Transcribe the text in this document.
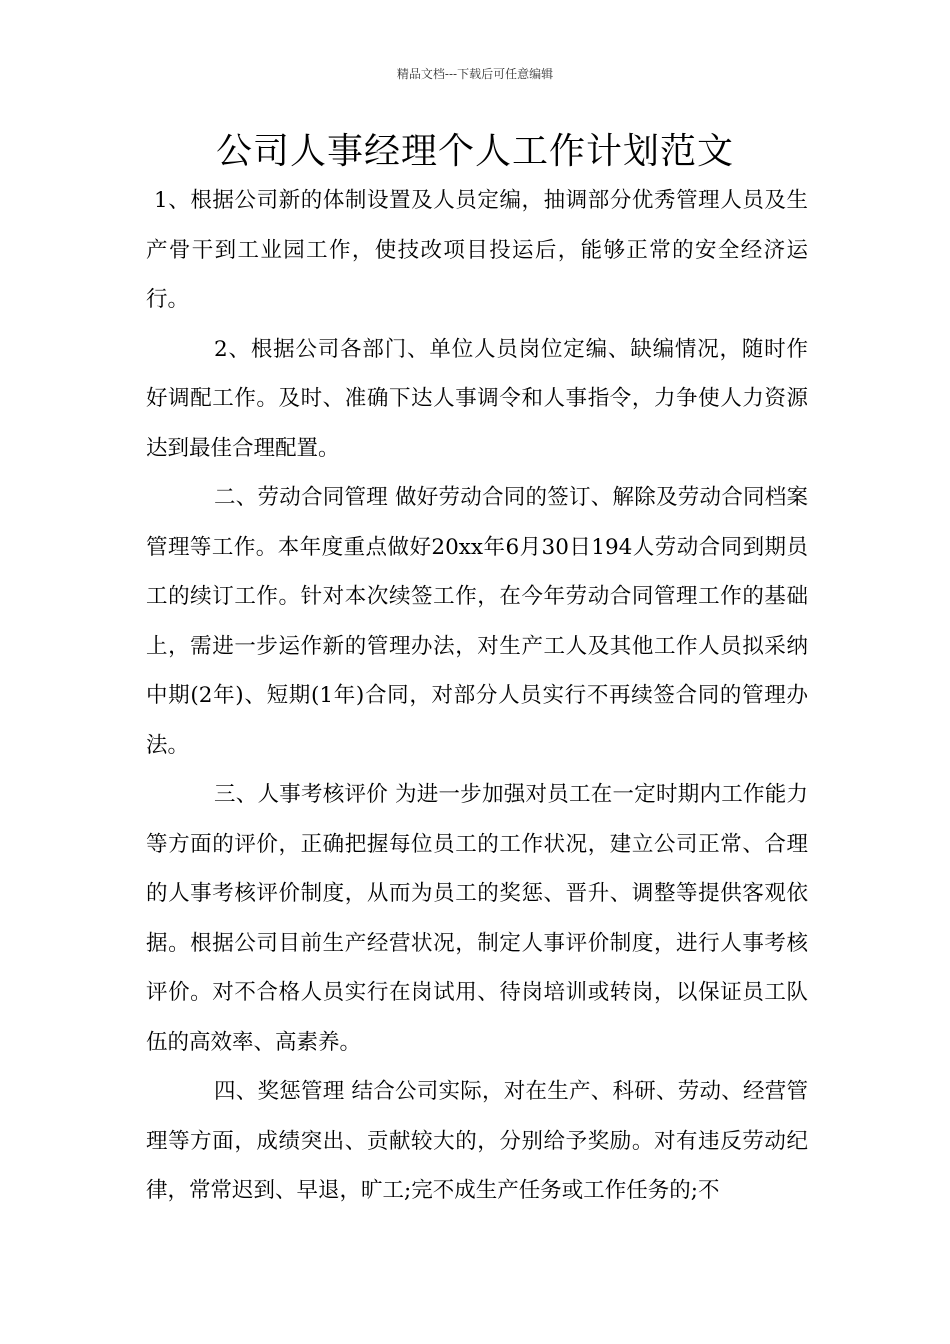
精品文档---下载后可任意编辑
公司人事经理个人工作计划范文

1、根据公司新的体制设置及人员定编，抽调部分优秀管理人员及生产骨干到工业园工作，使技改项目投运后，能够正常的安全经济运行。

2、根据公司各部门、单位人员岗位定编、缺编情况，随时作好调配工作。及时、准确下达人事调令和人事指令，力争使人力资源达到最佳合理配置。

二、劳动合同管理 做好劳动合同的签订、解除及劳动合同档案管理等工作。本年度重点做好20xx年6月30日194人劳动合同到期员工的续订工作。针对本次续签工作，在今年劳动合同管理工作的基础上，需进一步运作新的管理办法，对生产工人及其他工作人员拟采纳中期(2年)、短期(1年)合同，对部分人员实行不再续签合同的管理办法。

三、人事考核评价 为进一步加强对员工在一定时期内工作能力等方面的评价，正确把握每位员工的工作状况，建立公司正常、合理的人事考核评价制度，从而为员工的奖惩、晋升、调整等提供客观依据。根据公司目前生产经营状况，制定人事评价制度，进行人事考核评价。对不合格人员实行在岗试用、待岗培训或转岗，以保证员工队伍的高效率、高素养。

四、奖惩管理 结合公司实际，对在生产、科研、劳动、经营管理等方面，成绩突出、贡献较大的，分别给予奖励。对有违反劳动纪律，常常迟到、早退，旷工;完不成生产任务或工作任务的;不
